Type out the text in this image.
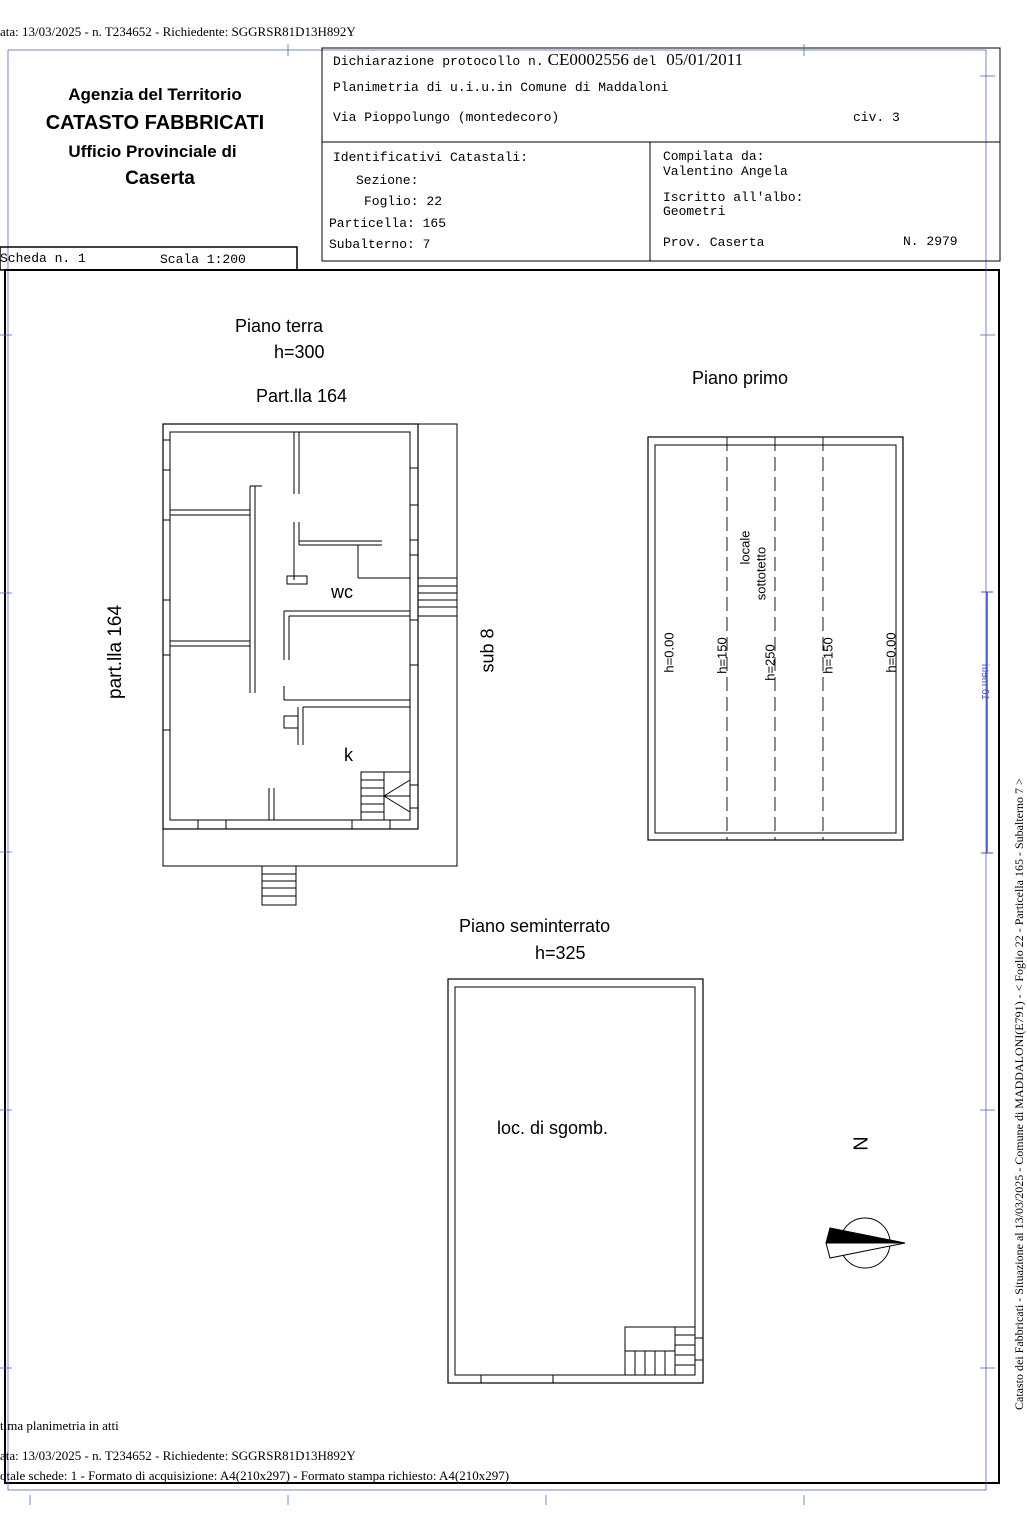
ata: 13/03/2025 - n. T234652 - Richiedente: SGGRSR81D13H892Y
Agenzia del Territorio
CATASTO FABBRICATI
Ufficio Provinciale di
Caserta
Dichiarazione protocollo n. CE0002556 del 05/01/2011
Planimetria di u.i.u.in Comune di Maddaloni
Via Pioppolungo (montedecoro)	civ. 3
Identificativi Catastali:
Sezione:
Foglio: 22
Particella: 165
Subalterno: 7
Compilata da:
Valentino Angela
Iscritto all'albo:
Geometri
Prov. Caserta	N. 2979
Scheda n. 1	Scala 1:200
Piano terra
h=300
Part.lla 164
part.lla 164	sub 8
wc
k
Piano primo
locale sottotetto
h=0.00	h=150	h=250	h=150	h=0.00
Piano seminterrato
h=325
loc. di sgomb.
N	Catasto dei Fabbricati - Situazione al 13/03/2025 - Comune di MADDALONI(E791) - < Foglio 22 - Particella 165 - Subalterno 7 >
10 metri
tima planimetria in atti
ata: 13/03/2025 - n. T234652 - Richiedente: SGGRSR81D13H892Y
otale schede: 1 - Formato di acquisizione: A4(210x297) - Formato stampa richiesto: A4(210x297)
